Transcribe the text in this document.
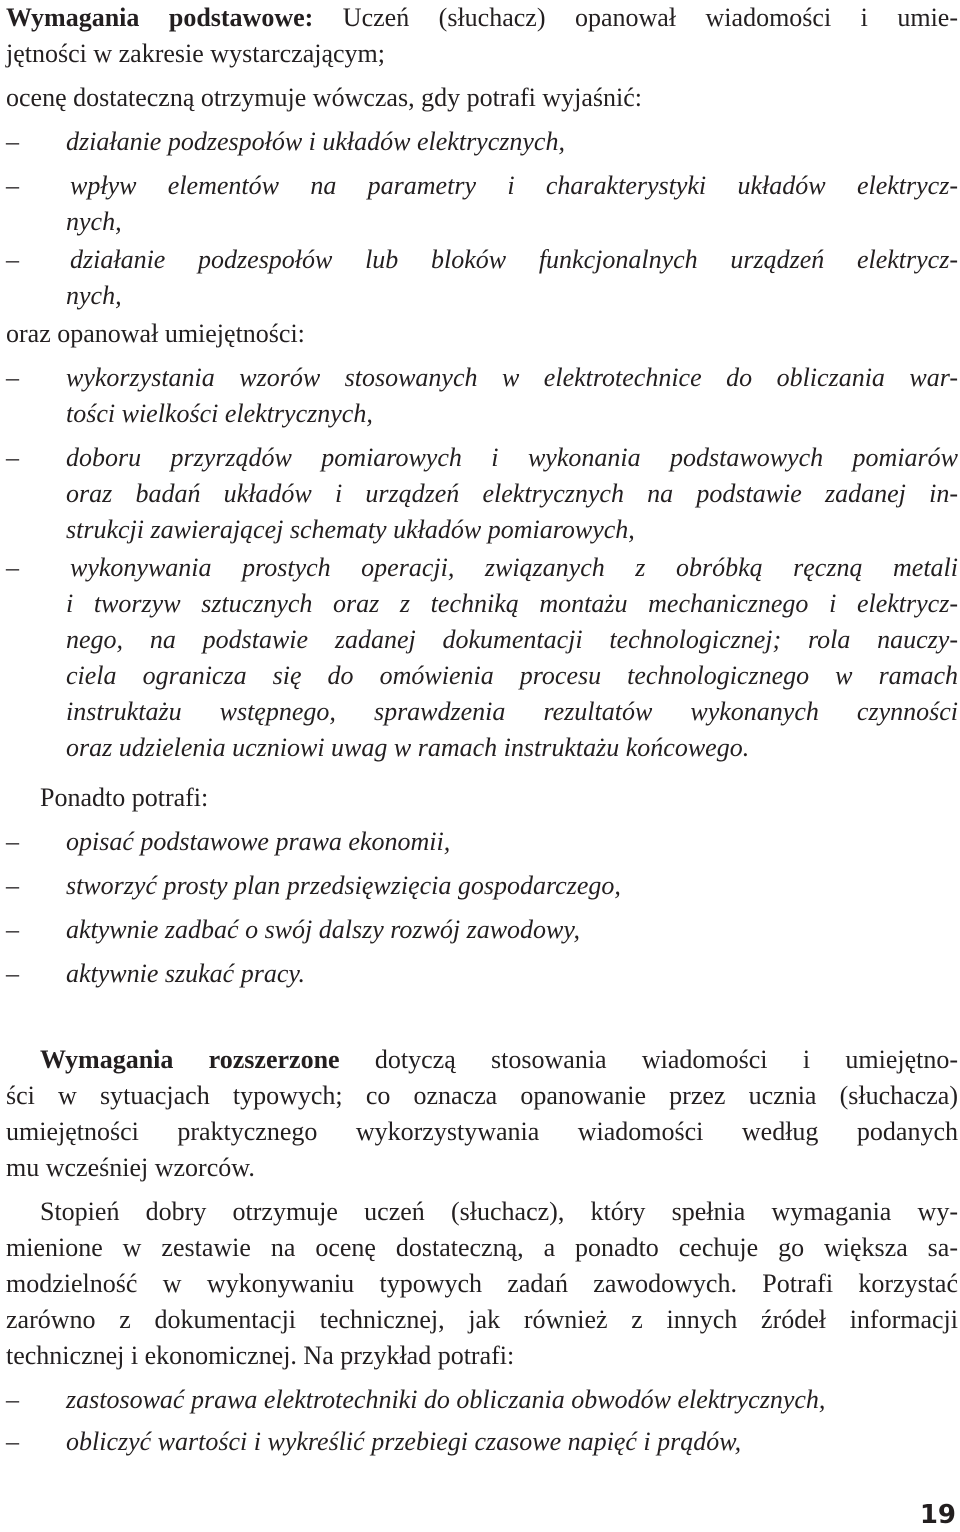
Wymagania podstawowe: Uczeń (słuchacz) opanował wiadomości i umie-
jętności w zakresie wystarczającym;
ocenę dostateczną otrzymuje wówczas, gdy potrafi wyjaśnić:
–	działanie podzespołów i układów elektrycznych,
–	wpływ elementów na parametry i charakterystyki układów elektrycz-
nych,
–	działanie podzespołów lub bloków funkcjonalnych urządzeń elektrycz-
nych,
oraz opanował umiejętności:
–	wykorzystania wzorów stosowanych w elektrotechnice do obliczania war-
tości wielkości elektrycznych,
–	doboru przyrządów pomiarowych i wykonania podstawowych pomiarów
oraz badań układów i urządzeń elektrycznych na podstawie zadanej in-
strukcji zawierającej schematy układów pomiarowych,
–	wykonywania prostych operacji, związanych z obróbką ręczną metali
i tworzyw sztucznych oraz z techniką montażu mechanicznego i elektrycz-
nego, na podstawie zadanej dokumentacji technologicznej; rola nauczy-
ciela ogranicza się do omówienia procesu technologicznego w ramach
instruktażu wstępnego, sprawdzenia rezultatów wykonanych czynności
oraz udzielenia uczniowi uwag w ramach instruktażu końcowego.
Ponadto potrafi:
–	opisać podstawowe prawa ekonomii,
–	stworzyć prosty plan przedsięwzięcia gospodarczego,
–	aktywnie zadbać o swój dalszy rozwój zawodowy,
–	aktywnie szukać pracy.
Wymagania rozszerzone dotyczą stosowania wiadomości i umiejętno-
ści w sytuacjach typowych; co oznacza opanowanie przez ucznia (słuchacza)
umiejętności praktycznego wykorzystywania wiadomości według podanych
mu wcześniej wzorców.
Stopień dobry otrzymuje uczeń (słuchacz), który spełnia wymagania wy-
mienione w zestawie na ocenę dostateczną, a ponadto cechuje go większa sa-
modzielność w wykonywaniu typowych zadań zawodowych. Potrafi korzystać
zarówno z dokumentacji technicznej, jak również z innych źródeł informacji
technicznej i ekonomicznej. Na przykład potrafi:
–	zastosować prawa elektrotechniki do obliczania obwodów elektrycznych,
–	obliczyć wartości i wykreślić przebiegi czasowe napięć i prądów,
19
